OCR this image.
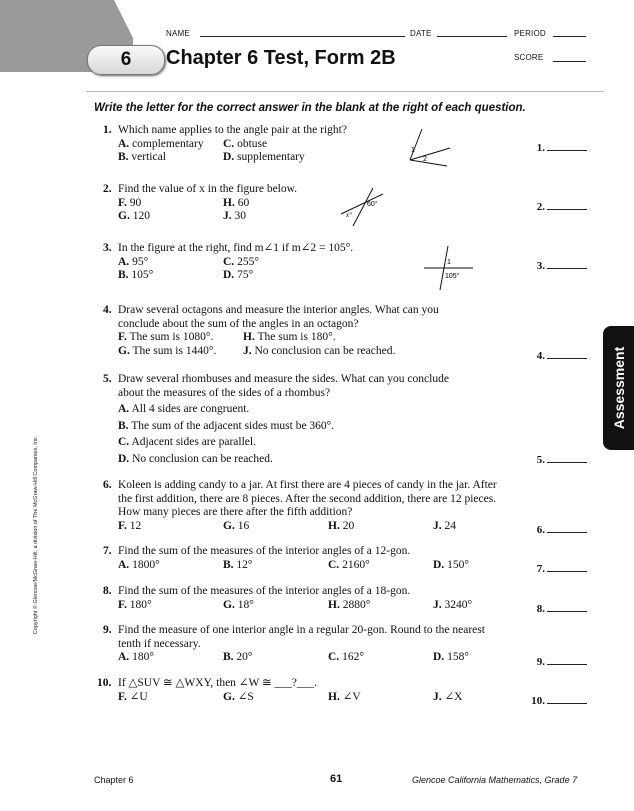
NAME	DATE	PERIOD
SCORE
6	Chapter 6 Test, Form 2B
Write the letter for the correct answer in the blank at the right of each question.
Assessment
Copyright © Glencoe/McGraw-Hill, a division of The McGraw-Hill Companies, Inc.
1. Which name applies to the angle pair at the right?
A. complementary	C. obtuse
B. vertical	D. supplementary
1.
1
2
2. Find the value of x in the figure below.
F. 90	H. 60
G. 120	J. 30
2.
60°
x°
3. In the figure at the right, find m∠1 if m∠2 = 105°.
A. 95°	C. 255°
B. 105°	D. 75°
3.
1
105°
4. Draw several octagons and measure the interior angles. What can you conclude about the sum of the angles in an octagon?
F. The sum is 1080°.	H. The sum is 180°.
G. The sum is 1440°.	J. No conclusion can be reached.	4.
5. Draw several rhombuses and measure the sides. What can you conclude about the measures of the sides of a rhombus?
A. All 4 sides are congruent.
B. The sum of the adjacent sides must be 360°.
C. Adjacent sides are parallel.
D. No conclusion can be reached.	5.
6. Koleen is adding candy to a jar. At first there are 4 pieces of candy in the jar. After the first addition, there are 8 pieces. After the second addition, there are 12 pieces. How many pieces are there after the fifth addition?
F. 12	G. 16	H. 20	J. 24	6.
7. Find the sum of the measures of the interior angles of a 12-gon.
A. 1800°	B. 12°	C. 2160°	D. 150°	7.
8. Find the sum of the measures of the interior angles of a 18-gon.
F. 180°	G. 18°	H. 2880°	J. 3240°	8.
9. Find the measure of one interior angle in a regular 20-gon. Round to the nearest tenth if necessary.
A. 180°	B. 20°	C. 162°	D. 158°	9.
10. If △SUV ≅ △WXY, then ∠W ≅ ___?___.
F. ∠U	G. ∠S	H. ∠V	J. ∠X	10.
Chapter 6	61	Glencoe California Mathematics, Grade 7
